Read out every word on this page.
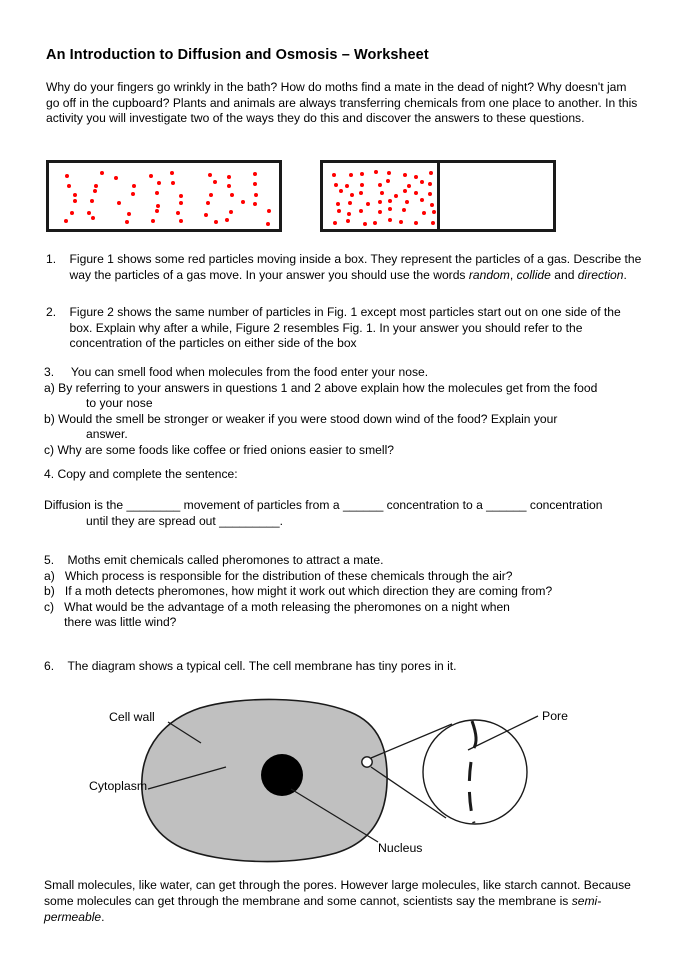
An Introduction to Diffusion and Osmosis – Worksheet
Why do your fingers go wrinkly in the bath? How do moths find a mate in the dead of night? Why doesn't jam go off in the cupboard? Plants and animals are always transferring chemicals from one place to another. In this activity you will investigate two of the ways they do this and discover the answers to these questions.
1. Figure 1 shows some red particles moving inside a box. They represent the particles of a gas. Describe the way the particles of a gas move. In your answer you should use the words random, collide and direction.
2. Figure 2 shows the same number of particles in Fig. 1 except most particles start out on one side of the box. Explain why after a while, Figure 2 resembles Fig. 1. In your answer you should refer to the concentration of the particles on either side of the box
3. You can smell food when molecules from the food enter your nose.
a) By referring to your answers in questions 1 and 2 above explain how the molecules get from the food
to your nose
b) Would the smell be stronger or weaker if you were stood down wind of the food? Explain your
answer.
c) Why are some foods like coffee or fried onions easier to smell?
4. Copy and complete the sentence:
Diffusion is the ________ movement of particles from a ______ concentration to a ______ concentration
until they are spread out _________.
5. Moths emit chemicals called pheromones to attract a mate.
a) Which process is responsible for the distribution of these chemicals through the air?
b) If a moth detects pheromones, how might it work out which direction they are coming from?
c) What would be the advantage of a moth releasing the pheromones on a night when
there was little wind?
6. The diagram shows a typical cell. The cell membrane has tiny pores in it.
Cell wall
Cytoplasm
Nucleus
Pore
Small molecules, like water, can get through the pores. However large molecules, like starch cannot. Because some molecules can get through the membrane and some cannot, scientists say the membrane is semi-permeable.
